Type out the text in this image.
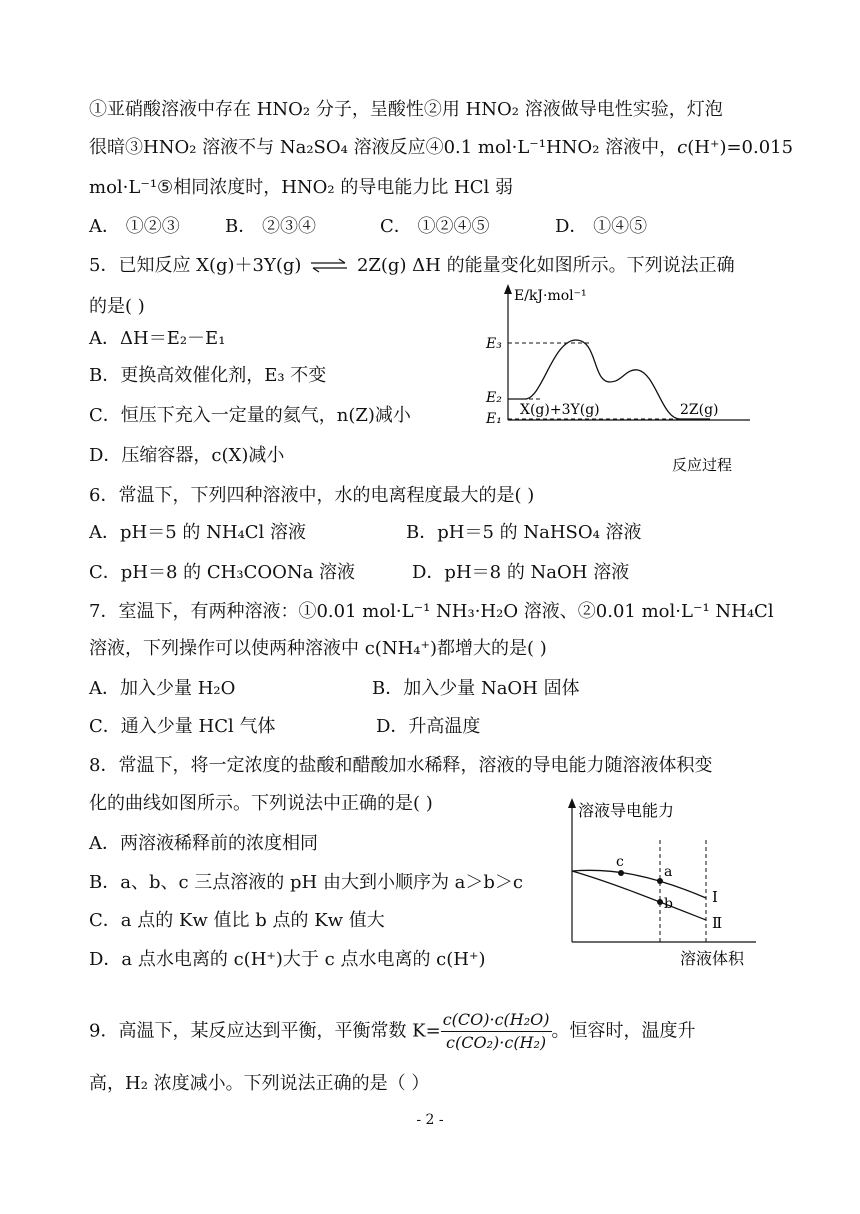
①亚硝酸溶液中存在 HNO₂ 分子，呈酸性②用 HNO₂ 溶液做导电性实验，灯泡
很暗③HNO₂ 溶液不与 Na₂SO₄ 溶液反应④0.1 mol·L⁻¹HNO₂ 溶液中，c(H⁺)=0.015
mol·L⁻¹⑤相同浓度时，HNO₂ 的导电能力比 HCl 弱
A． ①②③	B． ②③④	C． ①②④⑤	D． ①④⑤
5．已知反应 X(g)＋3Y(g) ⇌ 2Z(g) ΔH 的能量变化如图所示。下列说法正确
的是( )
A．ΔH＝E₂－E₁
B．更换高效催化剂，E₃ 不变
C．恒压下充入一定量的氦气，n(Z)减小
D．压缩容器，c(X)减小
E/kJ·mol⁻¹
反应过程
E₃
E₂
E₁
X(g)+3Y(g)	2Z(g)
6．常温下，下列四种溶液中，水的电离程度最大的是( )
A．pH＝5 的 NH₄Cl 溶液	B．pH＝5 的 NaHSO₄ 溶液
C．pH＝8 的 CH₃COONa 溶液	D．pH＝8 的 NaOH 溶液
7．室温下，有两种溶液：①0.01 mol·L⁻¹ NH₃·H₂O 溶液、②0.01 mol·L⁻¹ NH₄Cl
溶液，下列操作可以使两种溶液中 c(NH₄⁺)都增大的是( )
A．加入少量 H₂O	B．加入少量 NaOH 固体
C．通入少量 HCl 气体	D．升高温度
8．常温下，将一定浓度的盐酸和醋酸加水稀释，溶液的导电能力随溶液体积变
化的曲线如图所示。下列说法中正确的是( )
A．两溶液稀释前的浓度相同
B．a、b、c 三点溶液的 pH 由大到小顺序为 a＞b＞c
C．a 点的 Kw 值比 b 点的 Kw 值大
D．a 点水电离的 c(H⁺)大于 c 点水电离的 c(H⁺)
溶液导电能力
溶液体积
c
a
b	Ⅰ
Ⅱ
9．高温下，某反应达到平衡，平衡常数 $K= \frac{\text{c(CO)·c(H₂O)}}{\text{c(CO₂)·c(H₂)}}$ 。恒容时，温度升
高，H₂ 浓度减小。下列说法正确的是（ ）
- 2 -
